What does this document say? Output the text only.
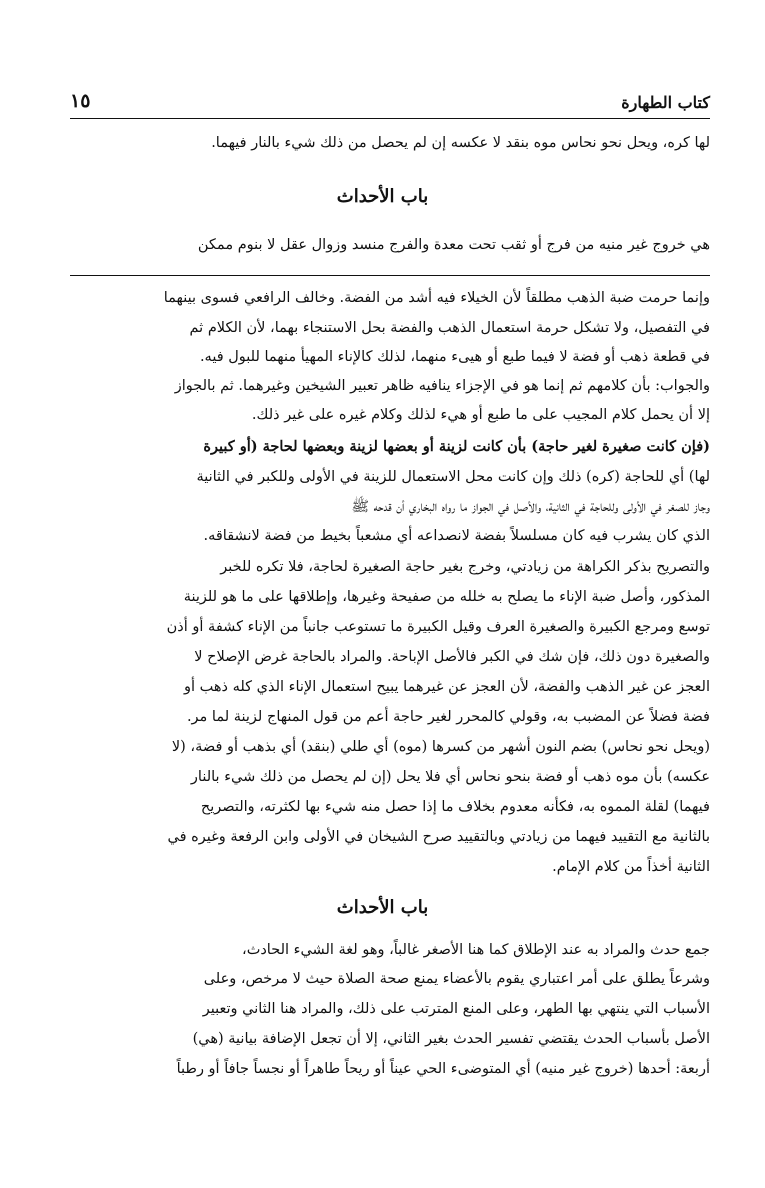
١٥	كتاب الطهارة
لها كره، ويحل نحو نحاس موه بنقد لا عكسه إن لم يحصل من ذلك شيء بالنار فيهما.
باب الأحداث
هي خروج غير منيه من فرج أو ثقب تحت معدة والفرج منسد وزوال عقل لا بنوم ممكن
وإنما حرمت ضبة الذهب مطلقاً لأن الخيلاء فيه أشد من الفضة. وخالف الرافعي فسوى بينهما
في التفصيل، ولا تشكل حرمة استعمال الذهب والفضة بحل الاستنجاء بهما، لأن الكلام ثم
في قطعة ذهب أو فضة لا فيما طبع أو هيىء منهما، لذلك كالإناء المهيأ منهما للبول فيه.
والجواب: بأن كلامهم ثم إنما هو في الإجزاء ينافيه ظاهر تعبير الشيخين وغيرهما. ثم بالجواز
إلا أن يحمل كلام المجيب على ما طبع أو هيء لذلك وكلام غيره على غير ذلك.
(فإن كانت صغيرة لغير حاجة) بأن كانت لزينة أو بعضها لزينة وبعضها لحاجة (أو كبيرة
لها) أي للحاجة (كره) ذلك وإن كانت محل الاستعمال للزينة في الأولى وللكبر في الثانية
وجاز للصغر في الأولى وللحاجة في الثانية، والأصل في الجواز ما رواه البخاري أن قدحه ﷺ
الذي كان يشرب فيه كان مسلسلاً بفضة لانصداعه أي مشعباً بخيط من فضة لانشقاقه.
والتصريح بذكر الكراهة من زيادتي، وخرج بغير حاجة الصغيرة لحاجة، فلا تكره للخبر
المذكور، وأصل ضبة الإناء ما يصلح به خلله من صفيحة وغيرها، وإطلاقها على ما هو للزينة
توسع ومرجع الكبيرة والصغيرة العرف وقيل الكبيرة ما تستوعب جانباً من الإناء كشفة أو أذن
والصغيرة دون ذلك، فإن شك في الكبر فالأصل الإباحة. والمراد بالحاجة غرض الإصلاح لا
العجز عن غير الذهب والفضة، لأن العجز عن غيرهما يبيح استعمال الإناء الذي كله ذهب أو
فضة فضلاً عن المضبب به، وقولي كالمحرر لغير حاجة أعم من قول المنهاج لزينة لما مر.
(ويحل نحو نحاس) بضم النون أشهر من كسرها (موه) أي طلي (بنقد) أي بذهب أو فضة، (لا
عكسه) بأن موه ذهب أو فضة بنحو نحاس أي فلا يحل (إن لم يحصل من ذلك شيء بالنار
فيهما) لقلة المموه به، فكأنه معدوم بخلاف ما إذا حصل منه شيء بها لكثرته، والتصريح
بالثانية مع التقييد فيهما من زيادتي وبالتقييد صرح الشيخان في الأولى وابن الرفعة وغيره في
الثانية أخذاً من كلام الإمام.
باب الأحداث
جمع حدث والمراد به عند الإطلاق كما هنا الأصغر غالباً، وهو لغة الشيء الحادث،
وشرعاً يطلق على أمر اعتباري يقوم بالأعضاء يمنع صحة الصلاة حيث لا مرخص، وعلى
الأسباب التي ينتهي بها الطهر، وعلى المنع المترتب على ذلك، والمراد هنا الثاني وتعبير
الأصل بأسباب الحدث يقتضي تفسير الحدث بغير الثاني، إلا أن تجعل الإضافة بيانية (هي)
أربعة: أحدها (خروج غير منيه) أي المتوضىء الحي عيناً أو ريحاً طاهراً أو نجساً جافاً أو رطباً
